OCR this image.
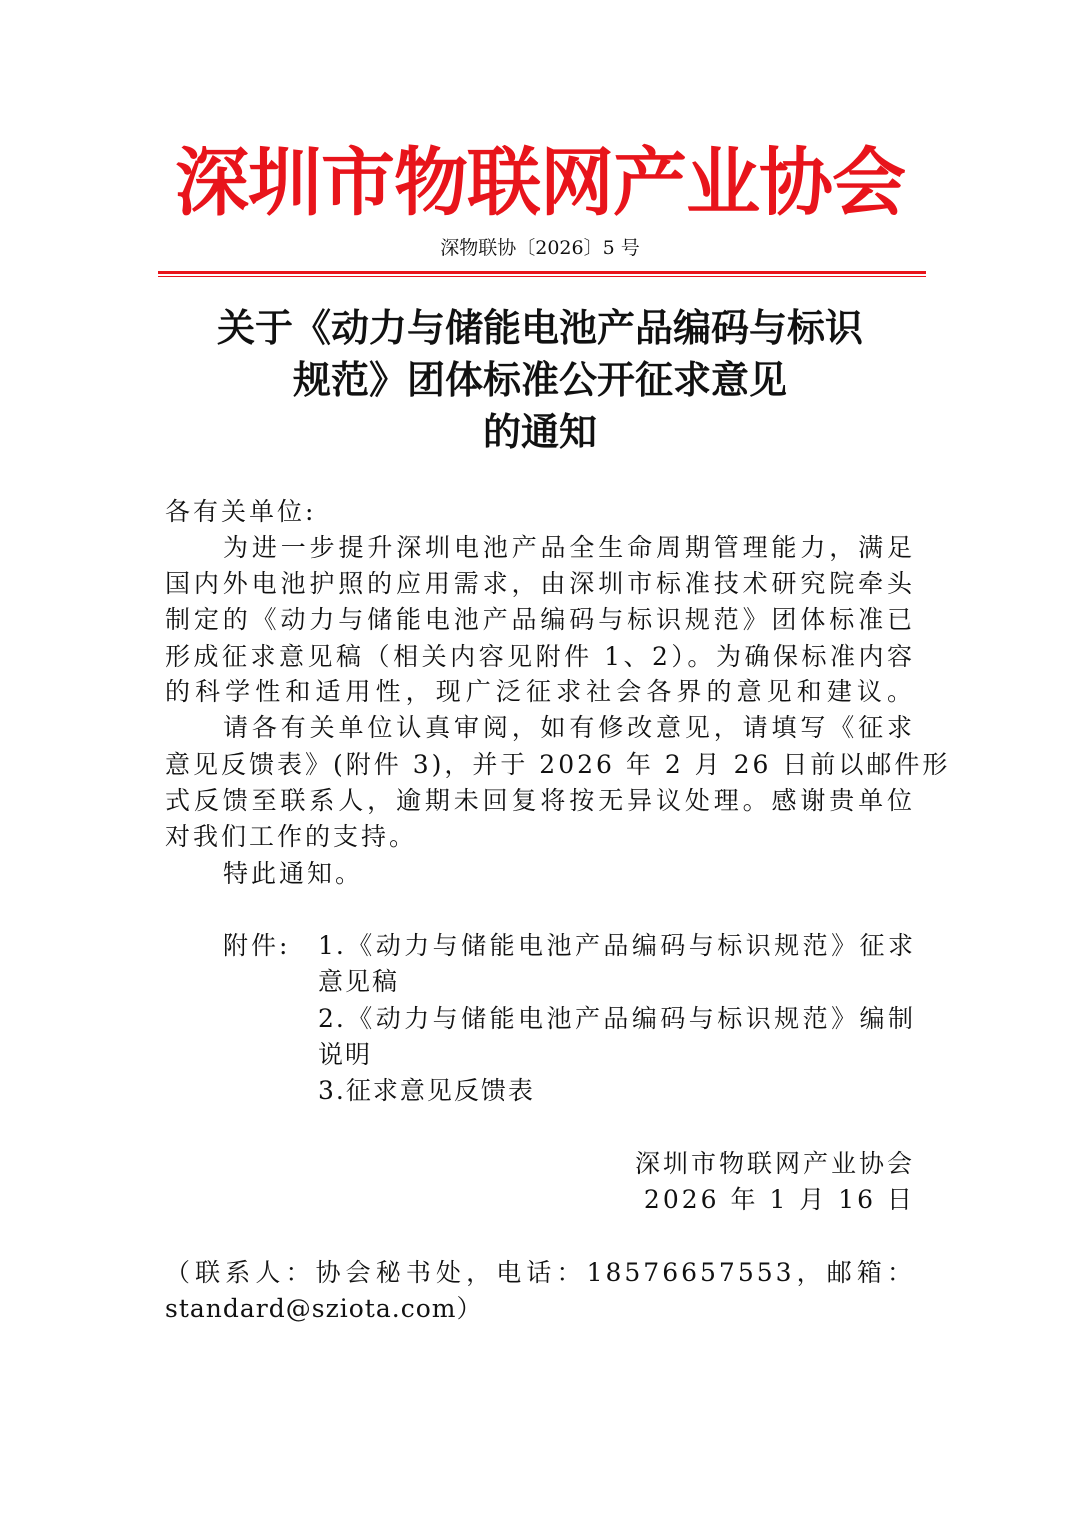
深圳市物联网产业协会
深物联协〔2026〕5 号
关于《动力与储能电池产品编码与标识
规范》团体标准公开征求意见
的通知
各有关单位:
为进一步提升深圳电池产品全生命周期管理能力，满足
国内外电池护照的应用需求，由深圳市标准技术研究院牵头
制定的《动力与储能电池产品编码与标识规范》团体标准已
形成征求意见稿（相关内容见附件 1、2）。为确保标准内容
的科学性和适用性，现广泛征求社会各界的意见和建议。
请各有关单位认真审阅，如有修改意见，请填写《征求
意见反馈表》(附件 3)，并于 2026 年 2 月 26 日前以邮件形
式反馈至联系人，逾期未回复将按无异议处理。感谢贵单位
对我们工作的支持。
特此通知。
附件: 1.《动力与储能电池产品编码与标识规范》征求
意见稿
2.《动力与储能电池产品编码与标识规范》编制
说明
3.征求意见反馈表
深圳市物联网产业协会
2026 年 1 月 16 日
（联系人：协会秘书处，电话：18576657553，邮箱：
standard@sziota.com）
